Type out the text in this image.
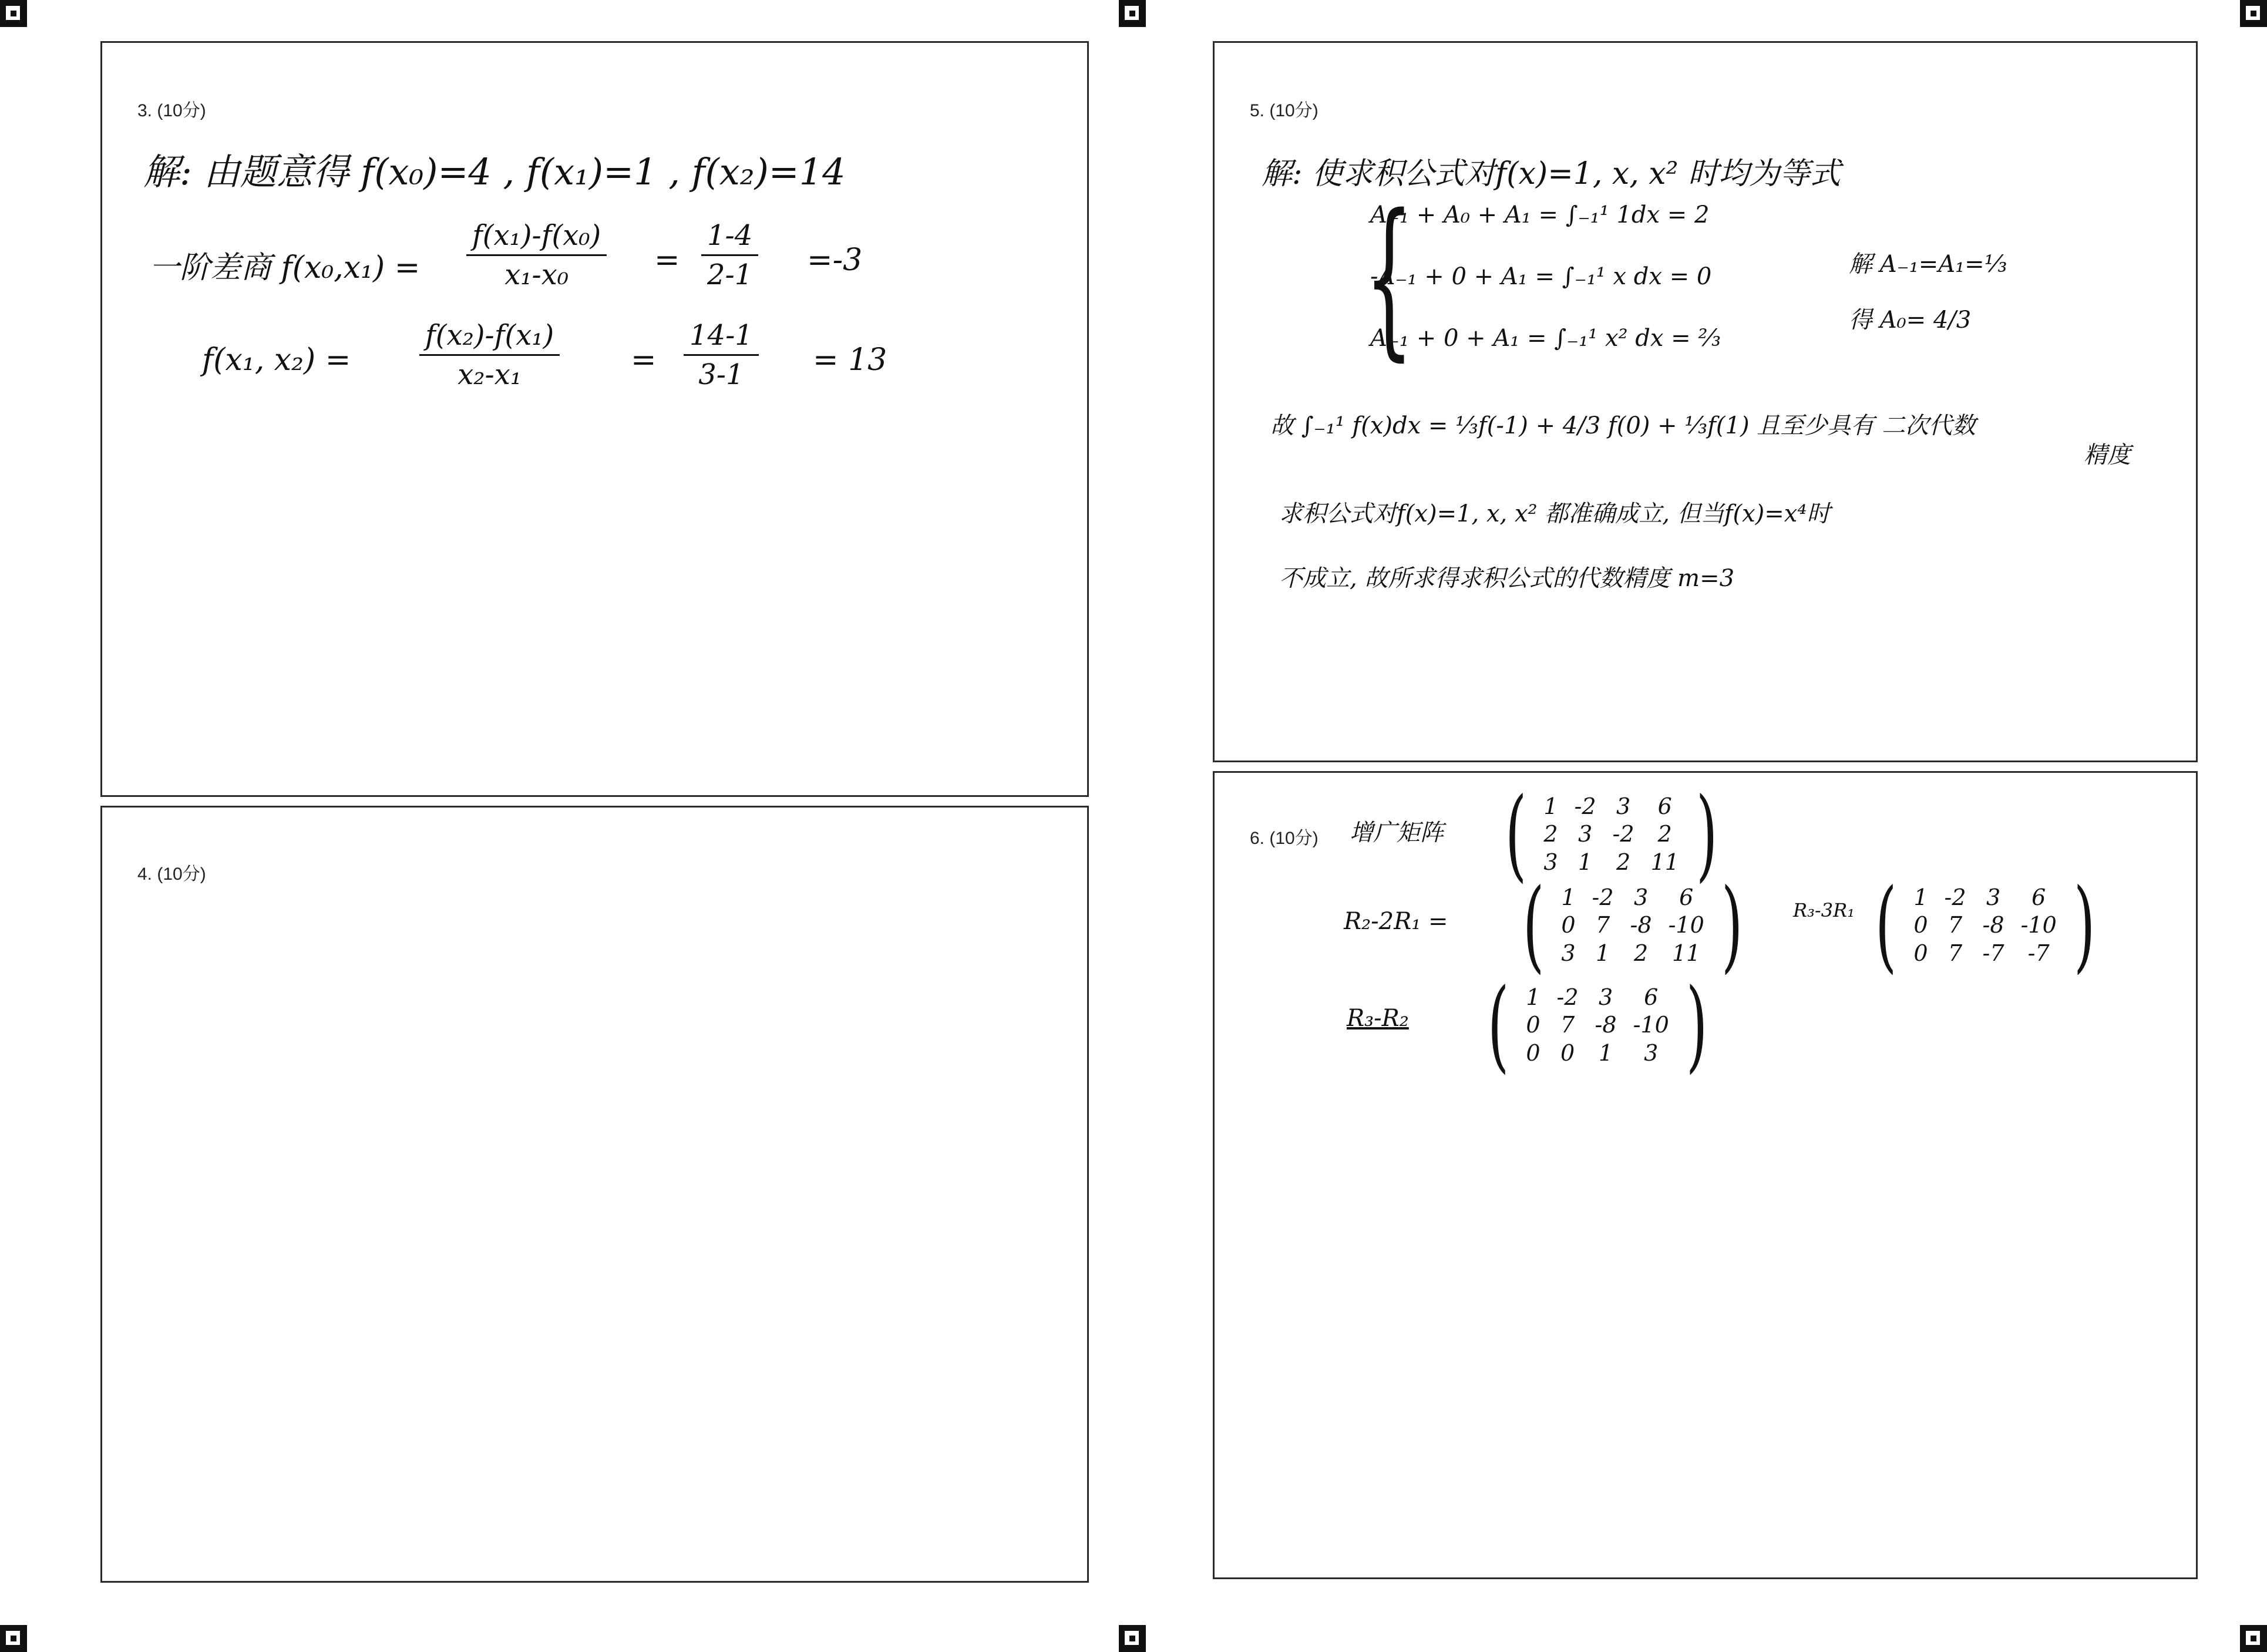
3. (10分)
解: 由题意得 f(x₀)=4 , f(x₁)=1 , f(x₂)=14
一阶差商 $f(x_0,x_1) = \frac{\text{f(x₁)-f(x₀)}}{\text{x₁-x₀}} = \frac{1-4}{2-1} =-3$
f(x₁, $x_2) = \frac{\text{f(x₂)-f(x₁)}}{\text{x₂-x₁}} = \frac{14-1}{3-1} = 13$
4. (10分)
5. (10分)
解: 使求积公式对f(x)=1, x, x² 时均为等式
{
A₋₁ + A₀ + A₁ = ∫₋₁¹ 1dx = 2
-A₋₁ + 0 + A₁ = ∫₋₁¹ x dx = 0
A₋₁ + 0 + A₁ = ∫₋₁¹ x² dx = ⅔
解 A₋₁=A₁=⅓
得 A₀= 4/3
故 ∫₋₁¹ f(x)dx = ⅓f(-1) + 4/3 f(0) + ⅓f(1) 且至少具有 二次代数
精度
求积公式对f(x)=1, x, x² 都准确成立, 但当f(x)=x⁴时
不成立, 故所求得求积公式的代数精度 m=3
6. (10分) 增广矩阵 ( 1	-2	3	6
2	3	-2	2
3	1	2	11 )
R₂-2R₁ = ( 1	-2	3	6
0	7	-8	-10
3	1	2	11 )	R₃-3R₁ ( 1	-2	3	6
0	7	-8	-10
0	7	-7	-7 )
R₃-R₂ ( 1	-2	3	6
0	7	-8	-10
0	0	1	3 )
